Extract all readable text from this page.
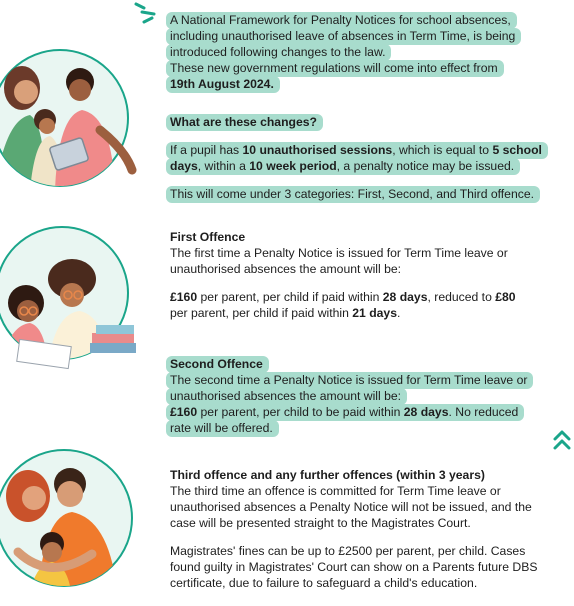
A National Framework for Penalty Notices for school absences,
including unauthorised leave of absences in Term Time, is being
introduced following changes to the law.
These new government regulations will come into effect from
19th August 2024.
What are these changes?
If a pupil has 10 unauthorised sessions, which is equal to 5 school
days, within a 10 week period, a penalty notice may be issued.
This will come under 3 categories: First, Second, and Third offence.
First Offence
The first time a Penalty Notice is issued for Term Time leave or
unauthorised absences the amount will be:
£160 per parent, per child if paid within 28 days, reduced to £80
per parent, per child if paid within 21 days.
Second Offence
The second time a Penalty Notice is issued for Term Time leave or
unauthorised absences the amount will be:
£160 per parent, per child to be paid within 28 days. No reduced
rate will be offered.
Third offence and any further offences (within 3 years)
The third time an offence is committed for Term Time leave or
unauthorised absences a Penalty Notice will not be issued, and the
case will be presented straight to the Magistrates Court.
Magistrates' fines can be up to £2500 per parent, per child. Cases
found guilty in Magistrates' Court can show on a Parents future DBS
certificate, due to failure to safeguard a child's education.
